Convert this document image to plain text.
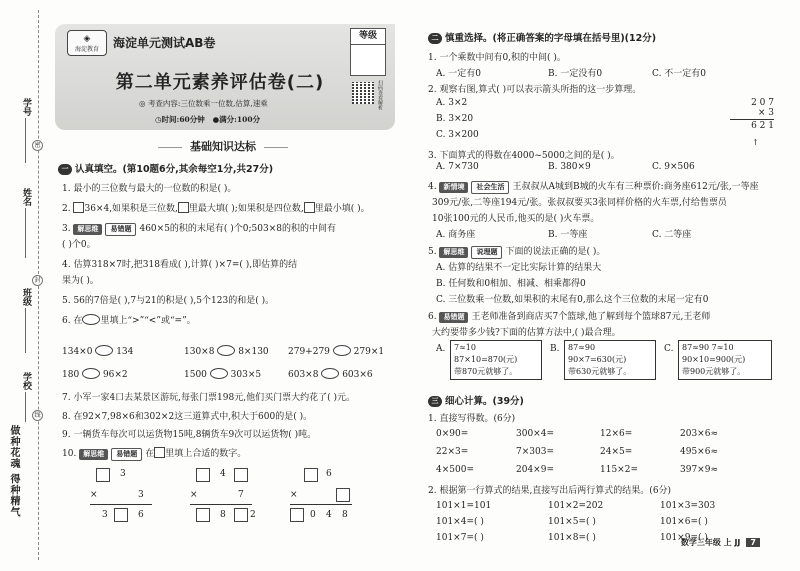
学号
姓名
班级
学校
密
封
线
做种花魂 得种精气
◈
海淀教育	海淀单元测试AB卷
第二单元素养评估卷(二)
◎ 考查内容:三位数乘一位数,估算,速乘
◷时间:60分钟 ●满分:100分
等级
扫码查看解析
基础知识达标
一 认真填空。(第10题6分,其余每空1分,共27分)
1. 最小的三位数与最大的一位数的积是( )。
2. 36×4,如果积是三位数, 里最大填( );如果积是四位数, 里最小填( )。
3. 解思维 易错题 460×5的积的末尾有( )个0;503×8的积的中间有
( )个0。
4. 估算318×7时,把318看成( ),计算( )×7=( ),即估算的结
果为( )。
5. 56的7倍是( ),7与21的积是( ),5个123的和是( )。
6. 在 里填上“>”“<”或“=”。
134×0	134	130×8	8×130 279+279	279×1
180	96×2	1500	303×5	603×8	603×6
7. 小军一家4口去某景区游玩,每张门票198元,他们买门票大约花了( )元。
8. 在92×7,98×6和302×2这三道算式中,积大于600的是( )。
9. 一辆货车每次可以运货物15吨,8辆货车9次可以运货物( )吨。
10. 解思维 易错题 在 里填上合适的数字。
3
×	3
3	6
4
×	7
8	2
6
×
0 4 8
二 慎重选择。(将正确答案的字母填在括号里)(12分)
1. 一个乘数中间有0,积的中间( )。
A. 一定有0	B. 一定没有0	C. 不一定有0
2. 观察右图,算式( )可以表示箭头所指的这一步算理。
A. 3×2
B. 3×20
C. 3×200
2 0 7
× 3
6 2 1
↑
3. 下面算式的得数在4000~5000之间的是( )。
A. 7×730	B. 380×9	C. 9×506
4. 新情境 社会生活 王叔叔从A城到B城的火车有三种票价:商务座612元/张,一等座
309元/张,二等座194元/张。张叔叔要买3张同样价格的火车票,付给售票员
10张100元的人民币,他买的是( )火车票。
A. 商务座	B. 一等座	C. 二等座
5. 解思维 说理题 下面的说法正确的是( )。
A. 估算的结果不一定比实际计算的结果大
B. 任何数和0相加、相减、相乘都得0
C. 三位数乘一位数,如果积的末尾有0,那么这个三位数的末尾一定有0
6. 易错题 王老师准备到商店买7个篮球,他了解到每个篮球87元,王老师
大约要带多少钱?下面的估算方法中,( )最合理。
A. 7≈10
87×10=870(元)
带870元就够了。
B. 87≈90
90×7=630(元)
带630元就够了。
C. 87≈90 7≈10
90×10=900(元)
带900元就够了。
三 细心计算。(39分)
1. 直接写得数。(6分)
0×90=	300×4=	12×6=	203×6≈
22×3=	7×303=	24×5=	495×6≈
4×500=	204×9=	115×2=	397×9≈
2. 根据第一行算式的结果,直接写出后两行算式的结果。(6分)
101×1=101	101×2=202	101×3=303
101×4=( )	101×5=( )	101×6=( )
101×7=( )	101×8=( )	101×9=( )
数学三年级 上 JJ 7
